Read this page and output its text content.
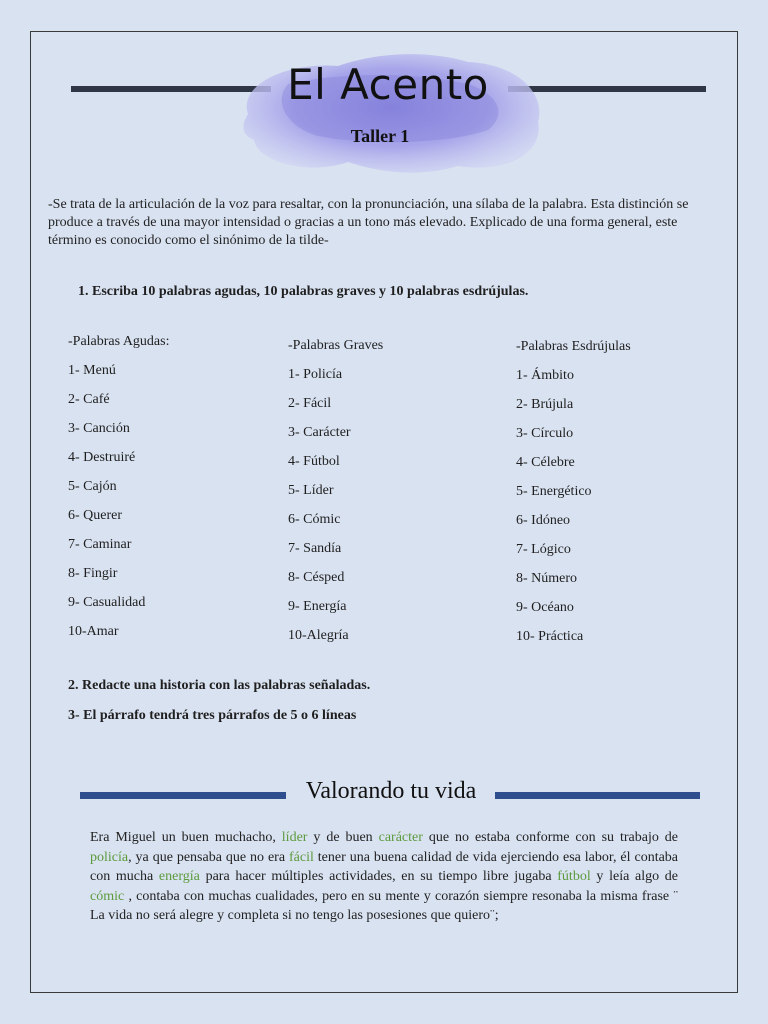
El Acento
Taller 1
-Se trata de la articulación de la voz para resaltar, con la pronunciación, una sílaba de la palabra. Esta distinción se produce a través de una mayor intensidad o gracias a un tono más elevado. Explicado de una forma general, este término es conocido como el sinónimo de la tilde-
1. Escriba 10 palabras agudas, 10 palabras graves y 10 palabras esdrújulas.
-Palabras Agudas:
1- Menú
2- Café
3- Canción
4- Destruiré
5- Cajón
6- Querer
7- Caminar
8- Fingir
9- Casualidad
10-Amar
-Palabras Graves
1- Policía
2- Fácil
3- Carácter
4- Fútbol
5- Líder
6- Cómic
7- Sandía
8- Césped
9- Energía
10-Alegría
-Palabras Esdrújulas
1- Ámbito
2- Brújula
3- Círculo
4- Célebre
5- Energético
6- Idóneo
7- Lógico
8- Número
9- Océano
10- Práctica
2. Redacte una historia con las palabras señaladas.
3- El párrafo tendrá tres párrafos de 5 o 6 líneas
Valorando tu vida
Era Miguel un buen muchacho, líder y de buen carácter que no estaba conforme con su trabajo de policía, ya que pensaba que no era fácil tener una buena calidad de vida ejerciendo esa labor, él contaba con mucha energía para hacer múltiples actividades, en su tiempo libre jugaba fútbol y leía algo de cómic , contaba con muchas cualidades, pero en su mente y corazón siempre resonaba la misma frase ¨ La vida no será alegre y completa si no tengo las posesiones que quiero¨;
